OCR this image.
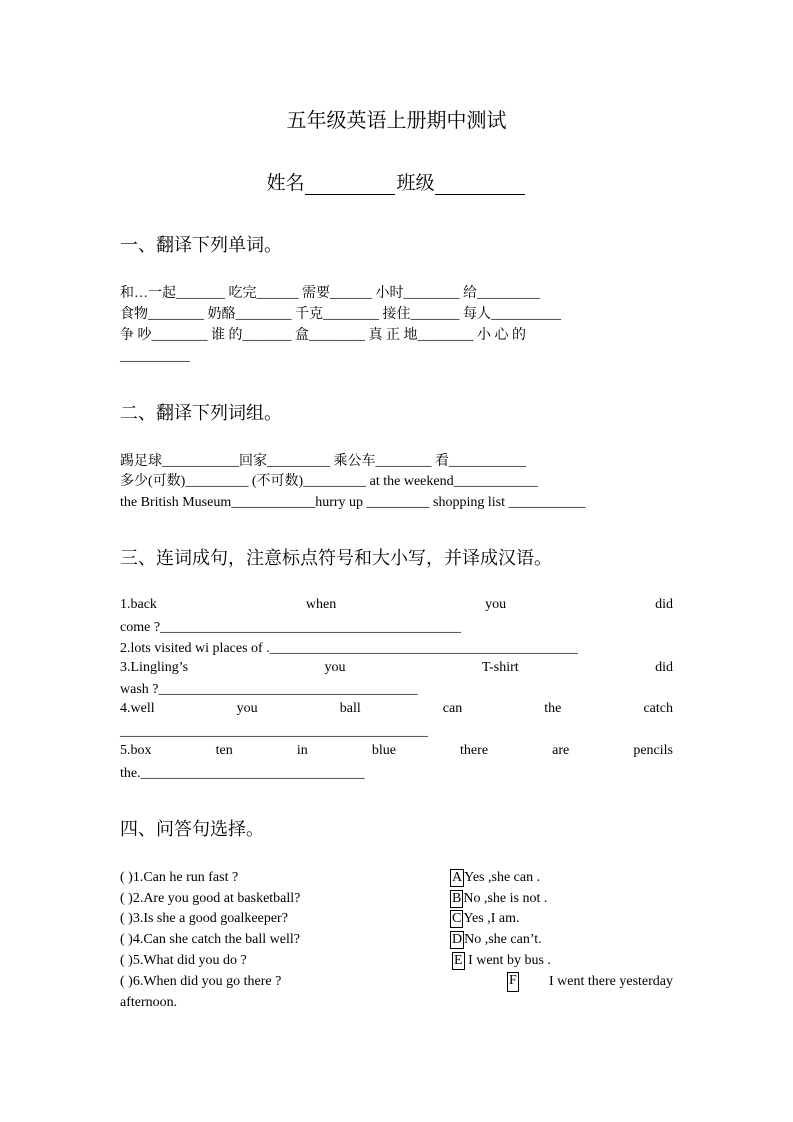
五年级英语上册期中测试
姓名	班级
一、翻译下列单词。
和…一起_______ 吃完______ 需要______ 小时________ 给_________
食物________ 奶酪________ 千克________ 接住_______ 每人__________
争 吵________ 谁 的_______ 盒________ 真 正 地________ 小 心 的
__________
二、翻译下列词组。
踢足球___________回家_________ 乘公车________ 看___________
多少(可数)_________ (不可数)_________ at the weekend____________
the British Museum____________hurry up _________ shopping list ___________
三、连词成句，注意标点符号和大小写，并译成汉语。
1.back	when	you	did
come ?___________________________________________
2.lots visited wi places of .____________________________________________
3.Lingling’s	you	T-shirt	did
wash ?_____________________________________
4.well	you	ball	can	the	catch
____________________________________________
5.box	ten	in	blue	there	are	pencils
the.________________________________
四、问答句选择。
( )1.Can he run fast ?
( )2.Are you good at basketball?
( )3.Is she a good goalkeeper?
( )4.Can she catch the ball well?
( )5.What did you do ?
( )6.When did you go there ?
A Yes ,she can .
B No ,she is not .
C Yes ,I am.
D No ,she can’t.
E I went by bus .
F I went there yesterday
afternoon.
